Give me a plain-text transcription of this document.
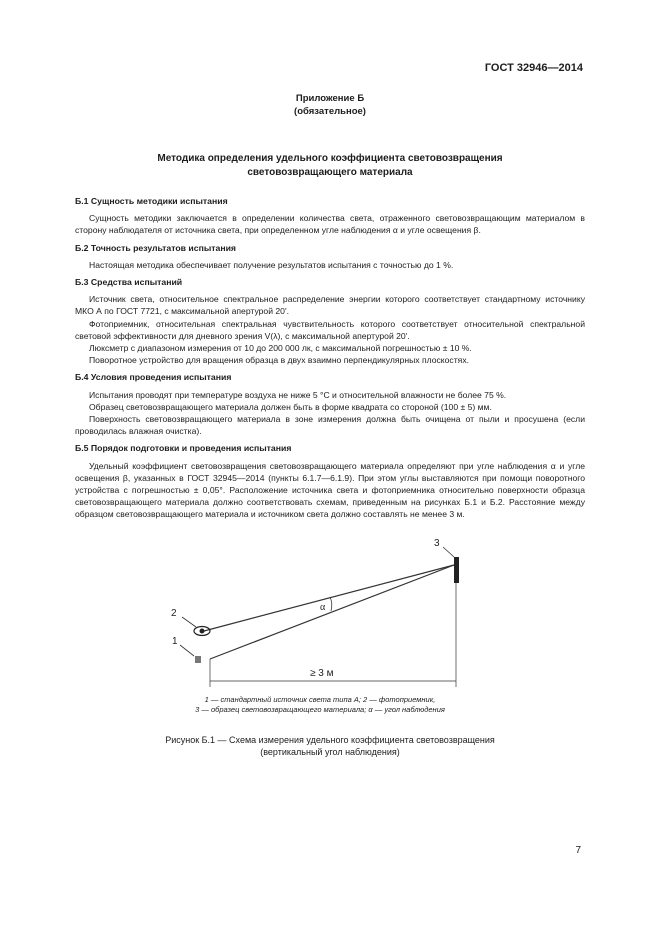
ГОСТ 32946—2014
Приложение Б
(обязательное)
Методика определения удельного коэффициента световозвращения
световозвращающего материала
Б.1 Сущность методики испытания

Сущность методики заключается в определении количества света, отраженного световозвращающим материалом в сторону наблюдателя от источника света, при определенном угле наблюдения α и угле освещения β.

Б.2 Точность результатов испытания

Настоящая методика обеспечивает получение результатов испытания с точностью до 1 %.

Б.3 Средства испытаний

Источник света, относительное спектральное распределение энергии которого соответствует стандартному источнику МКО А по ГОСТ 7721, с максимальной апертурой 20'.

Фотоприемник, относительная спектральная чувствительность которого соответствует относительной спектральной световой эффективности для дневного зрения V(λ), с максимальной апертурой 20'.

Люксметр с диапазоном измерения от 10 до 200 000 лк, с максимальной погрешностью ± 10 %.

Поворотное устройство для вращения образца в двух взаимно перпендикулярных плоскостях.

Б.4 Условия проведения испытания

Испытания проводят при температуре воздуха не ниже 5 °С и относительной влажности не более 75 %.

Образец световозвращающего материала должен быть в форме квадрата со стороной (100 ± 5) мм.

Поверхность световозвращающего материала в зоне измерения должна быть очищена от пыли и просушена (если проводилась влажная очистка).

Б.5 Порядок подготовки и проведения испытания

Удельный коэффициент световозвращения световозвращающего материала определяют при угле наблюдения α и угле освещения β, указанных в ГОСТ 32945—2014 (пункты 6.1.7—6.1.9). При этом углы выставляются при помощи поворотного устройства с погрешностью ± 0,05°. Расположение источника света и фотоприемника относительно поверхности образца световозвращающего материала должно соответствовать схемам, приведенным на рисунках Б.1 и Б.2. Расстояние между образцом световозвращающего материала и источником света должно составлять не менее 3 м.

3
α
2
1
≥ 3 м
1 — стандартный источник света типа А; 2 — фотоприемник,
3 — образец световозвращающего материала; α — угол наблюдения
Рисунок Б.1 — Схема измерения удельного коэффициента световозвращения
(вертикальный угол наблюдения)
7
